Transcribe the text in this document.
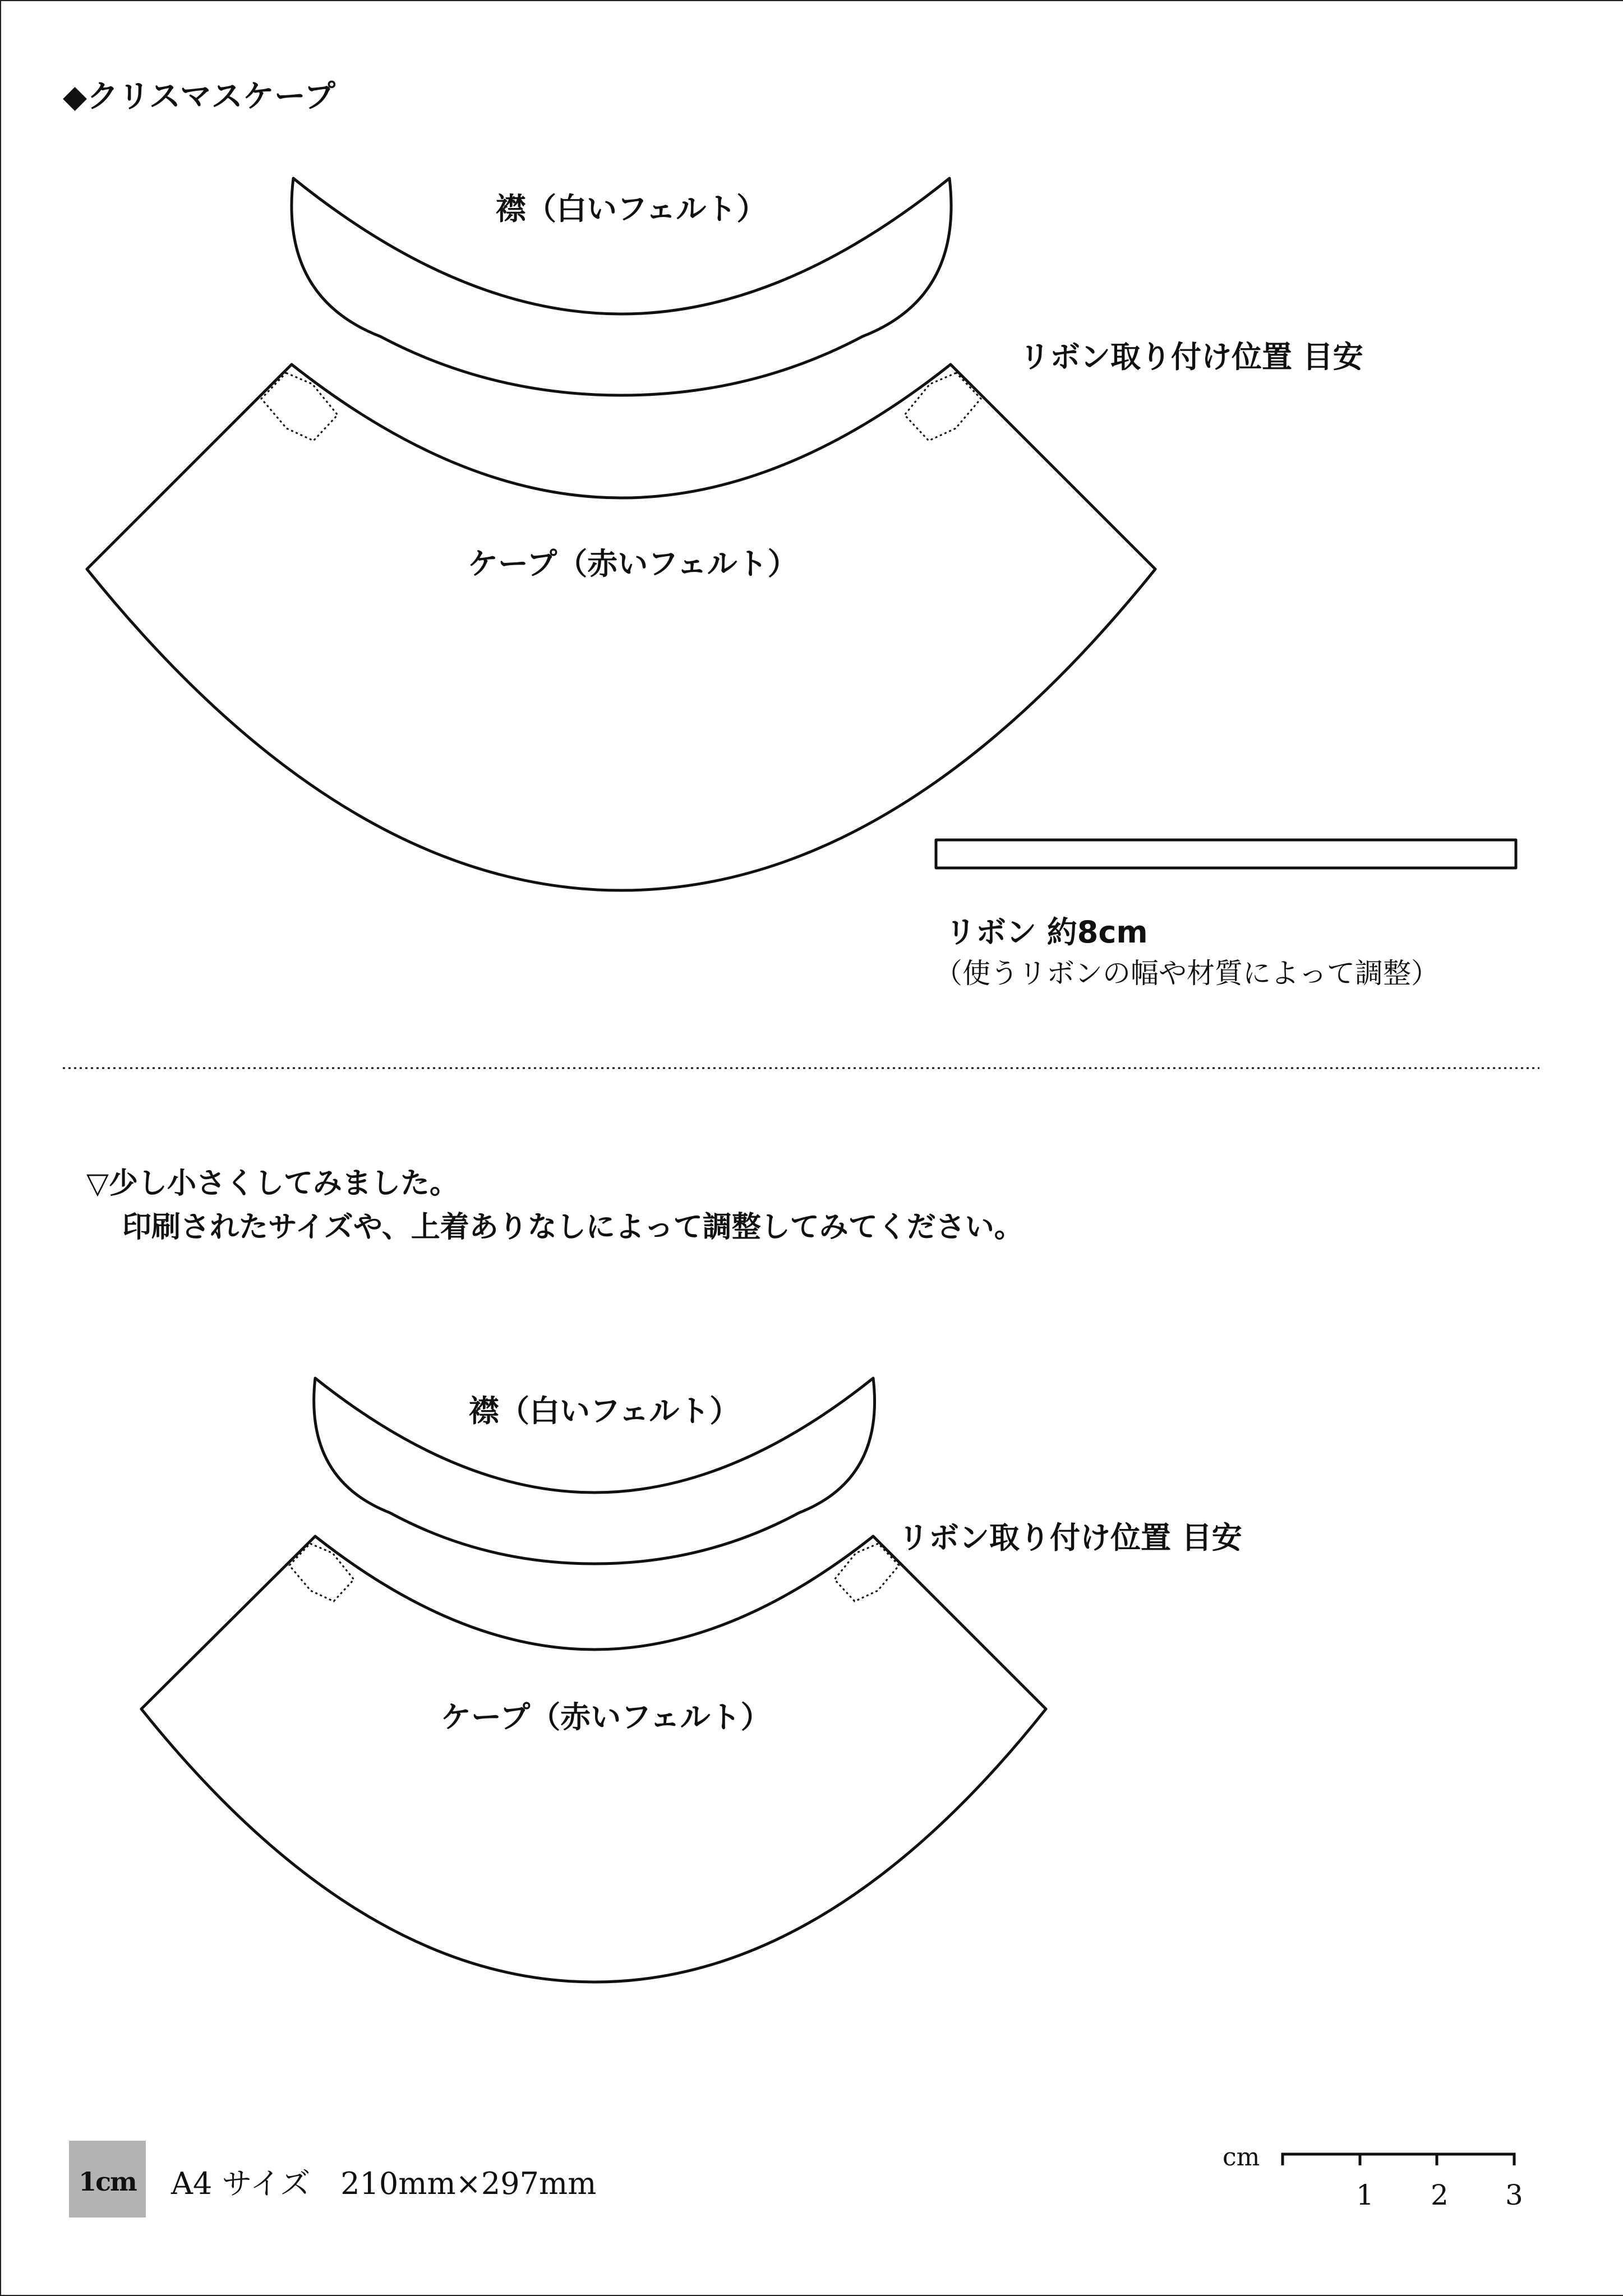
◆クリスマスケープ
襟（白いフェルト）
ケープ（赤いフェルト）
リボン取り付け位置 目安
リボン 約8cm
（使うリボンの幅や材質によって調整）
▽少し小さくしてみました。
印刷されたサイズや、上着ありなしによって調整してみてください。
襟（白いフェルト）
ケープ（赤いフェルト）
リボン取り付け位置 目安
1cm	A4 サイズ　210mm×297mm
cm
1 2 3
